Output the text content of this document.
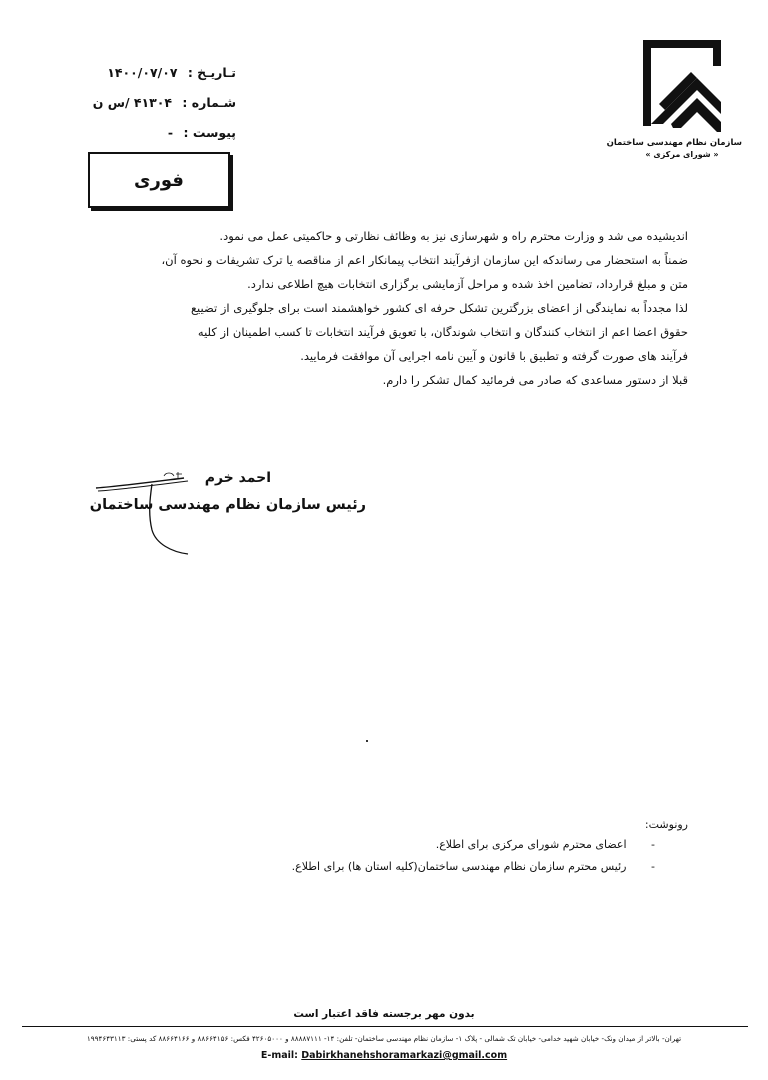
سازمان نظام مهندسی ساختمان
« شورای مرکزی »
تـاریـخ : ۱۴۰۰/۰۷/۰۷
شـماره : ۴۱۳۰۴ /س ن
پیوست : -
فوری
اندیشیده می شد و وزارت محترم راه و شهرسازی نیز به وظائف نظارتی و حاکمیتی عمل می نمود.
ضمناً به استحضار می رساندکه این سازمان ازفرآیند انتخاب پیمانکار اعم از مناقصه یا ترک تشریفات و نحوه آن،
متن و مبلغ قرارداد، تضامین اخذ شده و مراحل آزمایشی برگزاری انتخابات هیچ اطلاعی ندارد.
لذا مجدداً به نمایندگی از اعضای بزرگترین تشکل حرفه ای کشور خواهشمند است برای جلوگیری از تضییع
حقوق اعضا اعم از انتخاب کنندگان و انتخاب شوندگان، با تعویق فرآیند انتخابات تا کسب اطمینان از کلیه
فرآیند های صورت گرفته و تطبیق با قانون و آیین نامه اجرایی آن موافقت فرمایید.
قبلا از دستور مساعدی که صادر می فرمائید کمال تشکر را دارم.
احمد خرم
رئیس سازمان نظام مهندسی ساختمان
رونوشت:
- اعضای محترم شورای مرکزی برای اطلاع.
- رئیس محترم سازمان نظام مهندسی ساختمان(کلیه استان ها) برای اطلاع.
بدون مهر برجسته فاقد اعتبار است
تهران- بالاتر از میدان ونک- خیابان شهید خدامی- خیابان تک شمالی - پلاک ۱- سازمان نظام مهندسی ساختمان- تلفن: ۱۴- ۸۸۸۸۷۱۱۱ و ۴۲۶۰۵۰۰۰ فکس: ۸۸۶۶۴۱۵۶ و ۸۸۶۶۴۱۶۶ کد پستی: ۱۹۹۴۶۴۳۱۱۳
E-mail: Dabirkhanehshoramarkazi@gmail.com
